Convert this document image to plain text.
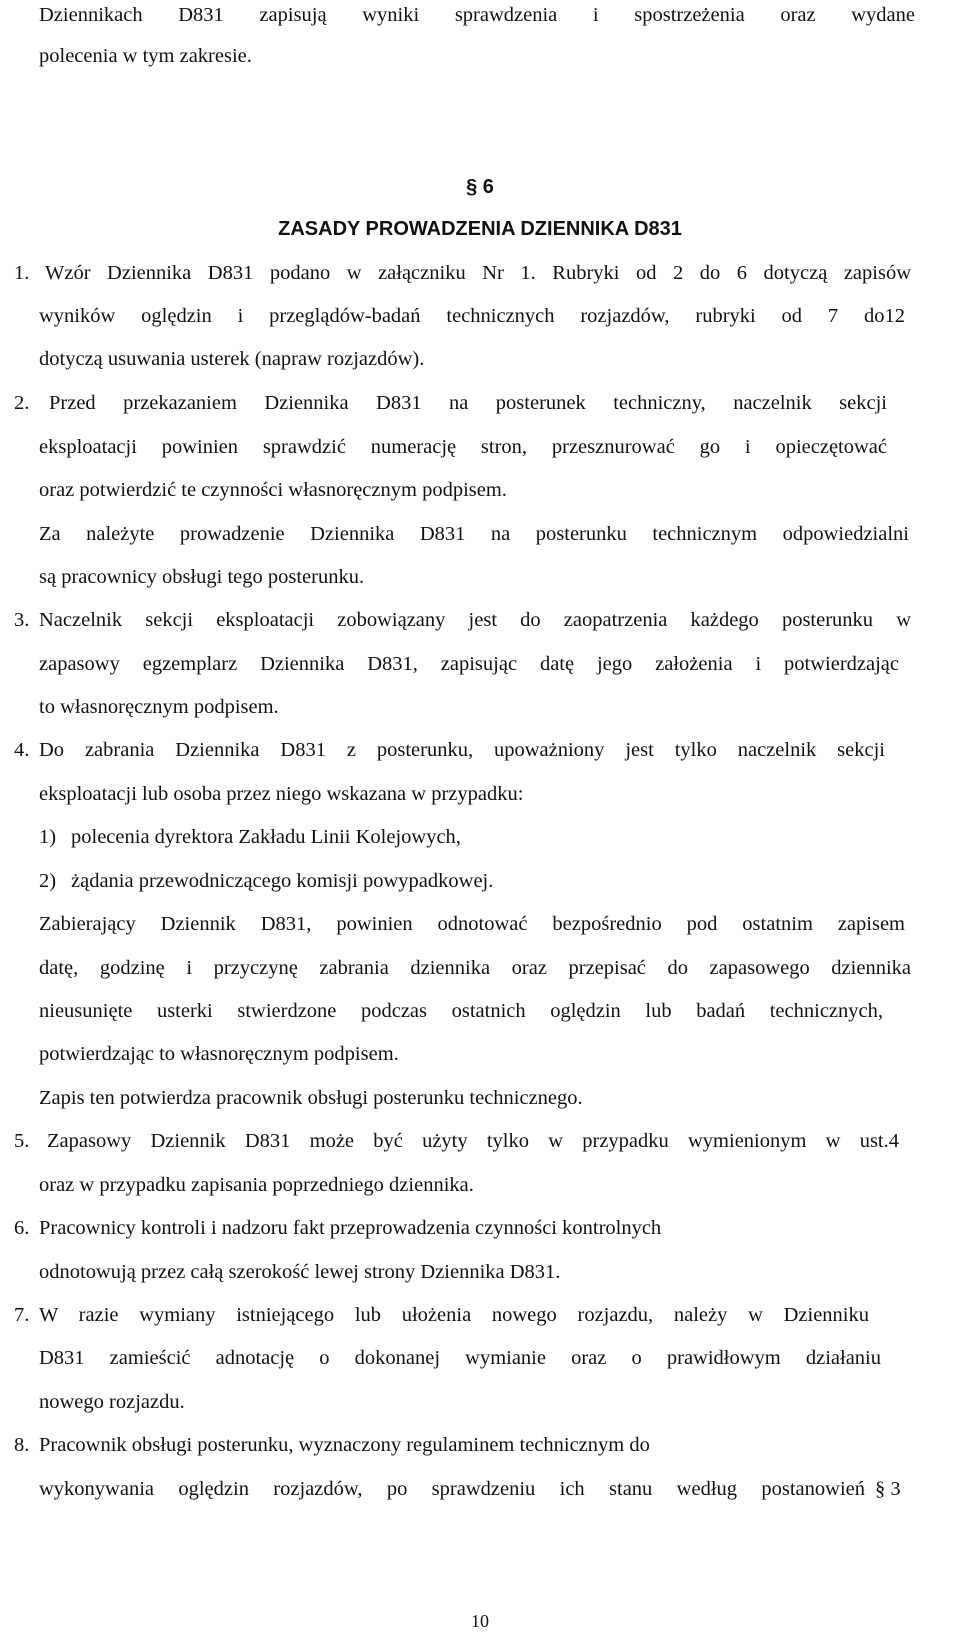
Dziennikach D831 zapisują wyniki sprawdzenia i spostrzeżenia oraz wydane
polecenia w tym zakresie.
§ 6
ZASADY PROWADZENIA DZIENNIKA D831
1. Wzór Dziennika D831 podano w załączniku Nr 1. Rubryki od 2 do 6 dotyczą zapisów
wyników oględzin i przeglądów-badań technicznych rozjazdów, rubryki od 7 do12
dotyczą usuwania usterek (napraw rozjazdów).
2. Przed przekazaniem Dziennika D831 na posterunek techniczny, naczelnik sekcji
eksploatacji powinien sprawdzić numerację stron, przesznurować go i opieczętować
oraz potwierdzić te czynności własnoręcznym podpisem.
Za należyte prowadzenie Dziennika D831 na posterunku technicznym odpowiedzialni
są pracownicy obsługi tego posterunku.
3. Naczelnik sekcji eksploatacji zobowiązany jest do zaopatrzenia każdego posterunku w
zapasowy egzemplarz Dziennika D831, zapisując datę jego założenia i potwierdzając
to własnoręcznym podpisem.
4. Do zabrania Dziennika D831 z posterunku, upoważniony jest tylko naczelnik sekcji
eksploatacji lub osoba przez niego wskazana w przypadku:
1) polecenia dyrektora Zakładu Linii Kolejowych,
2) żądania przewodniczącego komisji powypadkowej.
Zabierający Dziennik D831, powinien odnotować bezpośrednio pod ostatnim zapisem
datę, godzinę i przyczynę zabrania dziennika oraz przepisać do zapasowego dziennika
nieusunięte usterki stwierdzone podczas ostatnich oględzin lub badań technicznych,
potwierdzając to własnoręcznym podpisem.
Zapis ten potwierdza pracownik obsługi posterunku technicznego.
5. Zapasowy Dziennik D831 może być użyty tylko w przypadku wymienionym w ust.4
oraz w przypadku zapisania poprzedniego dziennika.
6. Pracownicy kontroli i nadzoru fakt przeprowadzenia czynności kontrolnych
odnotowują przez całą szerokość lewej strony Dziennika D831.
7. W razie wymiany istniejącego lub ułożenia nowego rozjazdu, należy w Dzienniku
D831 zamieścić adnotację o dokonanej wymianie oraz o prawidłowym działaniu
nowego rozjazdu.
8. Pracownik obsługi posterunku, wyznaczony regulaminem technicznym do
wykonywania oględzin rozjazdów, po sprawdzeniu ich stanu według postanowień § 3
10
